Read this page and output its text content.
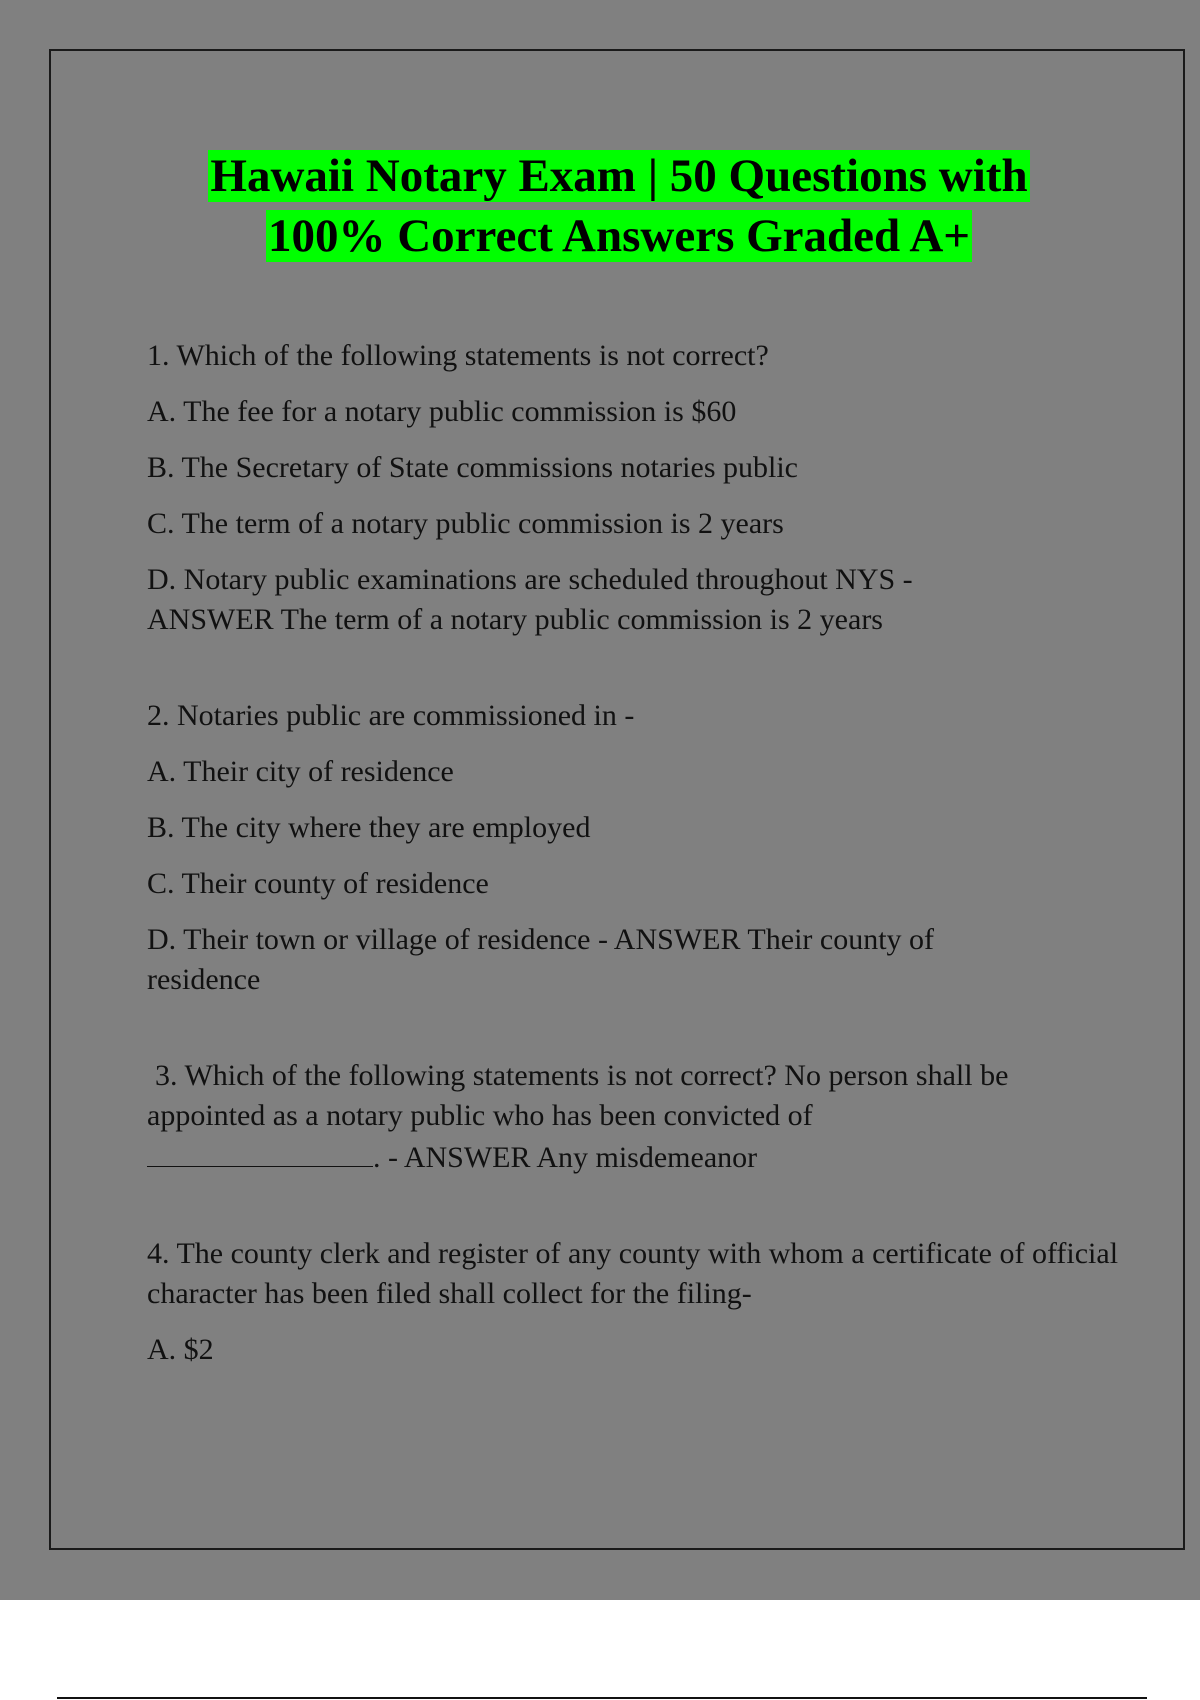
Hawaii Notary Exam | 50 Questions with
100% Correct Answers Graded A+

1. Which of the following statements is not correct?

A. The fee for a notary public commission is $60

B. The Secretary of State commissions notaries public

C. The term of a notary public commission is 2 years

D. Notary public examinations are scheduled throughout NYS - ANSWER The term of a notary public commission is 2 years

2. Notaries public are commissioned in -

A. Their city of residence

B. The city where they are employed

C. Their county of residence

D. Their town or village of residence - ANSWER Their county of residence

3. Which of the following statements is not correct? No person shall be appointed as a notary public who has been convicted of
. - ANSWER Any misdemeanor

4. The county clerk and register of any county with whom a certificate of official character has been filed shall collect for the filing-

A. $2
